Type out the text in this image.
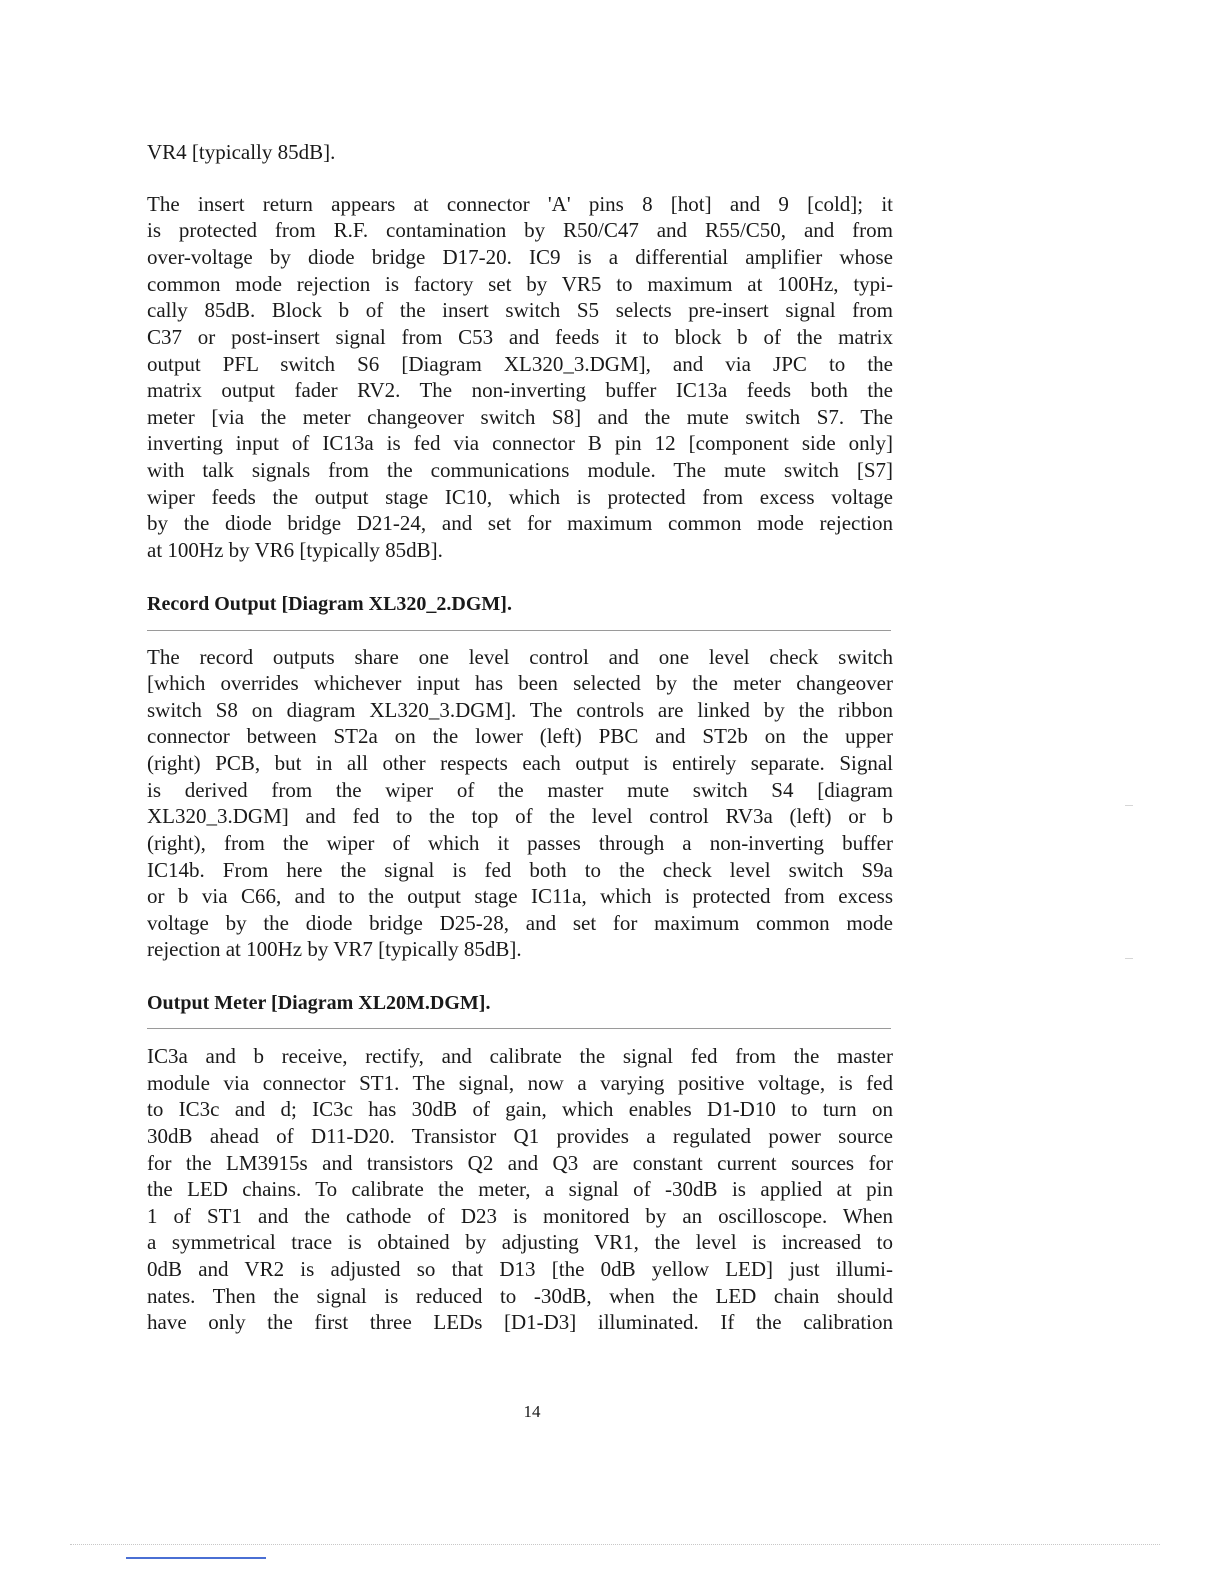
VR4 [typically 85dB].
The insert return appears at connector 'A' pins 8 [hot] and 9 [cold]; it
is protected from R.F. contamination by R50/C47 and R55/C50, and from
over-voltage by diode bridge D17-20. IC9 is a differential amplifier whose
common mode rejection is factory set by VR5 to maximum at 100Hz, typi-
cally 85dB. Block b of the insert switch S5 selects pre-insert signal from
C37 or post-insert signal from C53 and feeds it to block b of the matrix
output PFL switch S6 [Diagram XL320_3.DGM], and via JPC to the
matrix output fader RV2. The non-inverting buffer IC13a feeds both the
meter [via the meter changeover switch S8] and the mute switch S7. The
inverting input of IC13a is fed via connector B pin 12 [component side only]
with talk signals from the communications module. The mute switch [S7]
wiper feeds the output stage IC10, which is protected from excess voltage
by the diode bridge D21-24, and set for maximum common mode rejection
at 100Hz by VR6 [typically 85dB].
Record Output [Diagram XL320_2.DGM].
The record outputs share one level control and one level check switch
[which overrides whichever input has been selected by the meter changeover
switch S8 on diagram XL320_3.DGM]. The controls are linked by the ribbon
connector between ST2a on the lower (left) PBC and ST2b on the upper
(right) PCB, but in all other respects each output is entirely separate. Signal
is derived from the wiper of the master mute switch S4 [diagram
XL320_3.DGM] and fed to the top of the level control RV3a (left) or b
(right), from the wiper of which it passes through a non-inverting buffer
IC14b. From here the signal is fed both to the check level switch S9a
or b via C66, and to the output stage IC11a, which is protected from excess
voltage by the diode bridge D25-28, and set for maximum common mode
rejection at 100Hz by VR7 [typically 85dB].
Output Meter [Diagram XL20M.DGM].
IC3a and b receive, rectify, and calibrate the signal fed from the master
module via connector ST1. The signal, now a varying positive voltage, is fed
to IC3c and d; IC3c has 30dB of gain, which enables D1-D10 to turn on
30dB ahead of D11-D20. Transistor Q1 provides a regulated power source
for the LM3915s and transistors Q2 and Q3 are constant current sources for
the LED chains. To calibrate the meter, a signal of -30dB is applied at pin
1 of ST1 and the cathode of D23 is monitored by an oscilloscope. When
a symmetrical trace is obtained by adjusting VR1, the level is increased to
0dB and VR2 is adjusted so that D13 [the 0dB yellow LED] just illumi-
nates. Then the signal is reduced to -30dB, when the LED chain should
have only the first three LEDs [D1-D3] illuminated. If the calibration
14
